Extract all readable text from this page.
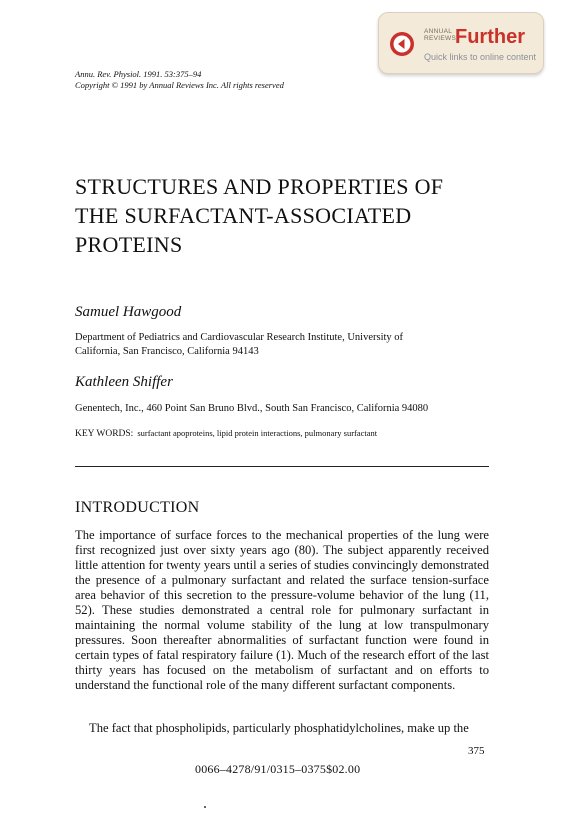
ANNUAL
REVIEWS
Further
Quick links to online content
Annu. Rev. Physiol. 1991. 53:375–94
Copyright © 1991 by Annual Reviews Inc. All rights reserved
STRUCTURES AND PROPERTIES OF
THE SURFACTANT-ASSOCIATED
PROTEINS
Samuel Hawgood
Department of Pediatrics and Cardiovascular Research Institute, University of
California, San Francisco, California 94143
Kathleen Shiffer
Genentech, Inc., 460 Point San Bruno Blvd., South San Francisco, California 94080
KEY WORDS: surfactant apoproteins, lipid protein interactions, pulmonary surfactant
INTRODUCTION

The importance of surface forces to the mechanical properties of the lung were first recognized just over sixty years ago (80). The subject apparently received little attention for twenty years until a series of studies convincingly demonstrated the presence of a pulmonary surfactant and related the surface tension-surface area behavior of this secretion to the pressure-volume behavior of the lung (11, 52). These studies demonstrated a central role for pulmonary surfactant in maintaining the normal volume stability of the lung at low transpulmonary pressures. Soon thereafter abnormalities of surfactant function were found in certain types of fatal respiratory failure (1). Much of the research effort of the last thirty years has focused on the metabolism of surfactant and on efforts to understand the functional role of the many different surfactant components.

The fact that phospholipids, particularly phosphatidylcholines, make up the

375
0066–4278/91/0315–0375$02.00
